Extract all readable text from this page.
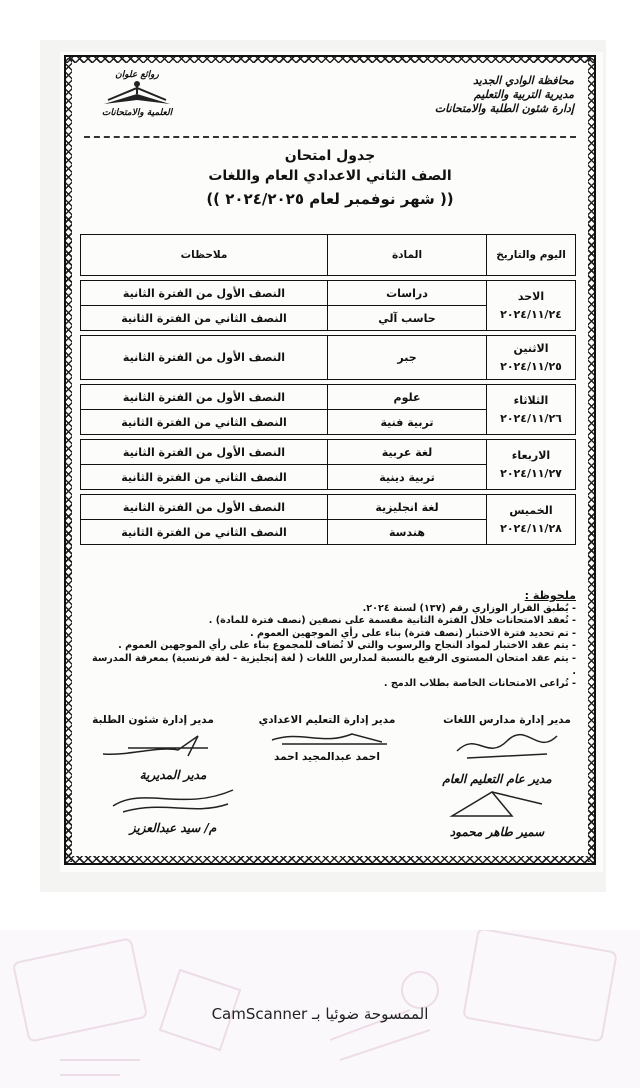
محافظة الوادي الجديد
مديرية التربية والتعليم
إدارة شئون الطلبة والامتحانات
روائع علوان
العلمية والامتحانات
جدول امتحان
الصف الثاني الاعدادي العام واللغات
(( شهر نوفمبر لعام ٢٠٢٤/٢٠٢٥ ))
اليوم والتاريخ	المادة	ملاحظات

الاحد
٢٠٢٤/١١/٢٤	دراسات	النصف الأول من الفترة الثانية
	حاسب آلي	النصف الثاني من الفترة الثانية

الاثنين
٢٠٢٤/١١/٢٥	جبر	النصف الأول من الفترة الثانية

الثلاثاء
٢٠٢٤/١١/٢٦	علوم	النصف الأول من الفترة الثانية
	تربية فنية	النصف الثاني من الفترة الثانية

الاربعاء
٢٠٢٤/١١/٢٧	لغة عربية	النصف الأول من الفترة الثانية
	تربية دينية	النصف الثاني من الفترة الثانية

الخميس
٢٠٢٤/١١/٢٨	لغة انجليزية	النصف الأول من الفترة الثانية
	هندسة	النصف الثاني من الفترة الثانية
ملحوظة :
- يُطبق القرار الوزاري رقم (١٣٧) لسنة ٢٠٢٤.
- تُعقد الامتحانات خلال الفترة الثانية مقسمة على نصفين (نصف فترة للمادة) .
- تم تحديد فترة الاختبار (نصف فترة) بناء على رأي الموجهين العموم .
- يتم عقد الاختبار لمواد النجاح والرسوب والتي لا تُضاف للمجموع بناء على رأي الموجهين العموم .
- يتم عقد امتحان المستوى الرفيع بالنسبة لمدارس اللغات ( لغة إنجليزية - لغة فرنسية) بمعرفة المدرسة .
- تُراعى الامتحانات الخاصة بطلاب الدمج .
مدير إدارة مدارس اللغات
مدير إدارة التعليم الاعدادي
احمد عبدالمجيد احمد
مدير إدارة شئون الطلبة
مدير عام التعليم العام
سمير طاهر محمود
مدير المديرية
م/ سيد عبدالعزيز
الممسوحة ضوئيا بـ CamScanner
